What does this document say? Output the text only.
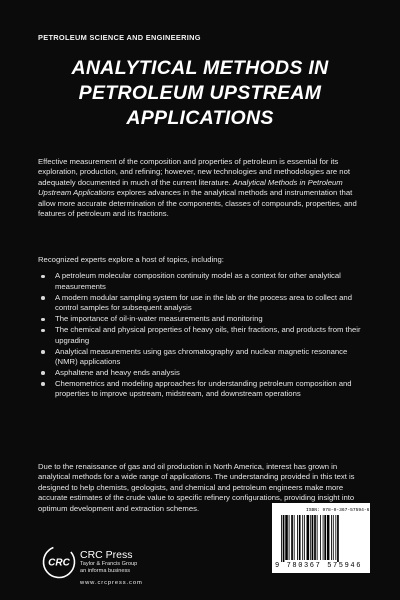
PETROLEUM SCIENCE AND ENGINEERING
ANALYTICAL METHODS IN
PETROLEUM UPSTREAM
APPLICATIONS

Effective measurement of the composition and properties of petroleum is essential for its exploration, production, and refining; however, new technologies and methodologies are not adequately documented in much of the current literature. Analytical Methods in Petroleum Upstream Applications explores advances in the analytical methods and instrumentation that allow more accurate determination of the components, classes of compounds, properties, and features of petroleum and its fractions.

Recognized experts explore a host of topics, including:

A petroleum molecular composition continuity model as a context for other analytical measurements
A modern modular sampling system for use in the lab or the process area to collect and control samples for subsequent analysis
The importance of oil-in-water measurements and monitoring
The chemical and physical properties of heavy oils, their fractions, and products from their upgrading
Analytical measurements using gas chromatography and nuclear magnetic resonance (NMR) applications
Asphaltene and heavy ends analysis
Chemometrics and modeling approaches for understanding petroleum composition and properties to improve upstream, midstream, and downstream operations

Due to the renaissance of gas and oil production in North America, interest has grown in analytical methods for a wide range of applications. The understanding provided in this text is designed to help chemists, geologists, and chemical and petroleum engineers make more accurate estimates of the crude value to specific refinery configurations, providing insight into optimum development and extraction schemes.

CRC
CRC Press
Taylor & Francis Group
an informa business
www.crcpress.com
ISBN: 978-0-367-57594-6
9 780367 575946
